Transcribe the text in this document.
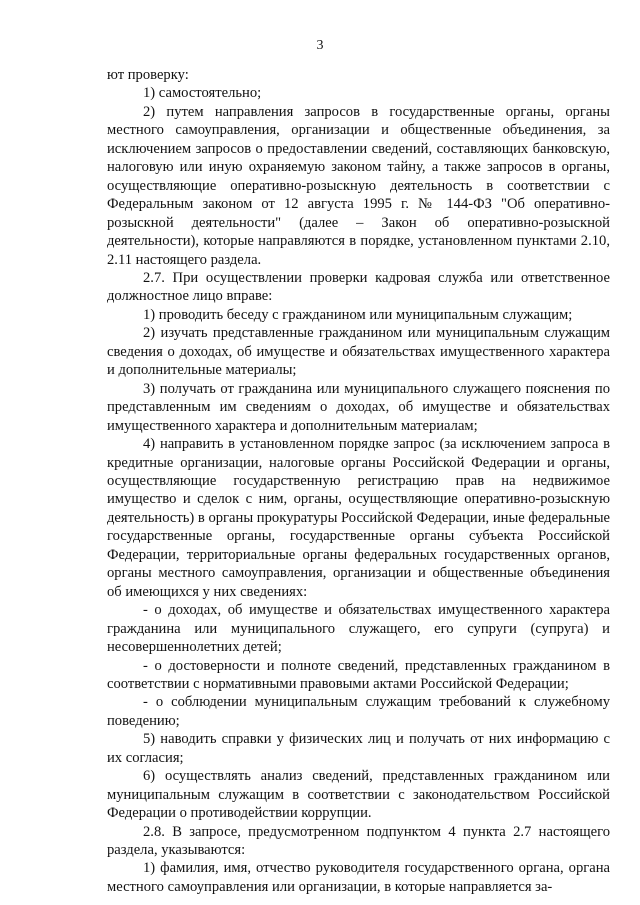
3

ют проверку:

1) самостоятельно;

2) путем направления запросов в государственные органы, органы местного самоуправления, организации и общественные объединения, за исключением запросов о предоставлении сведений, составляющих банковскую, налоговую или иную охраняемую законом тайну, а также запросов в органы, осуществляющие оперативно-розыскную деятельность в соответствии с Федеральным законом от 12 августа 1995 г. № 144-ФЗ "Об оперативно-розыскной деятельности" (далее – Закон об оперативно-розыскной деятельности), которые направляются в порядке, установленном пунктами 2.10, 2.11 настоящего раздела.

2.7. При осуществлении проверки кадровая служба или ответственное должностное лицо вправе:

1) проводить беседу с гражданином или муниципальным служащим;

2) изучать представленные гражданином или муниципальным служащим сведения о доходах, об имуществе и обязательствах имущественного характера и дополнительные материалы;

3) получать от гражданина или муниципального служащего пояснения по представленным им сведениям о доходах, об имуществе и обязательствах имущественного характера и дополнительным материалам;

4) направить в установленном порядке запрос (за исключением запроса в кредитные организации, налоговые органы Российской Федерации и органы, осуществляющие государственную регистрацию прав на недвижимое имущество и сделок с ним, органы, осуществляющие оперативно-розыскную деятельность) в органы прокуратуры Российской Федерации, иные федеральные государственные органы, государственные органы субъекта Российской Федерации, территориальные органы федеральных государственных органов, органы местного самоуправления, организации и общественные объединения об имеющихся у них сведениях:

- о доходах, об имуществе и обязательствах имущественного характера гражданина или муниципального служащего, его супруги (супруга) и несовершеннолетних детей;

- о достоверности и полноте сведений, представленных гражданином в соответствии с нормативными правовыми актами Российской Федерации;

- о соблюдении муниципальным служащим требований к служебному поведению;

5) наводить справки у физических лиц и получать от них информацию с их согласия;

6) осуществлять анализ сведений, представленных гражданином или муниципальным служащим в соответствии с законодательством Российской Федерации о противодействии коррупции.

2.8. В запросе, предусмотренном подпунктом 4 пункта 2.7 настоящего раздела, указываются:

1) фамилия, имя, отчество руководителя государственного органа, органа местного самоуправления или организации, в которые направляется за-
